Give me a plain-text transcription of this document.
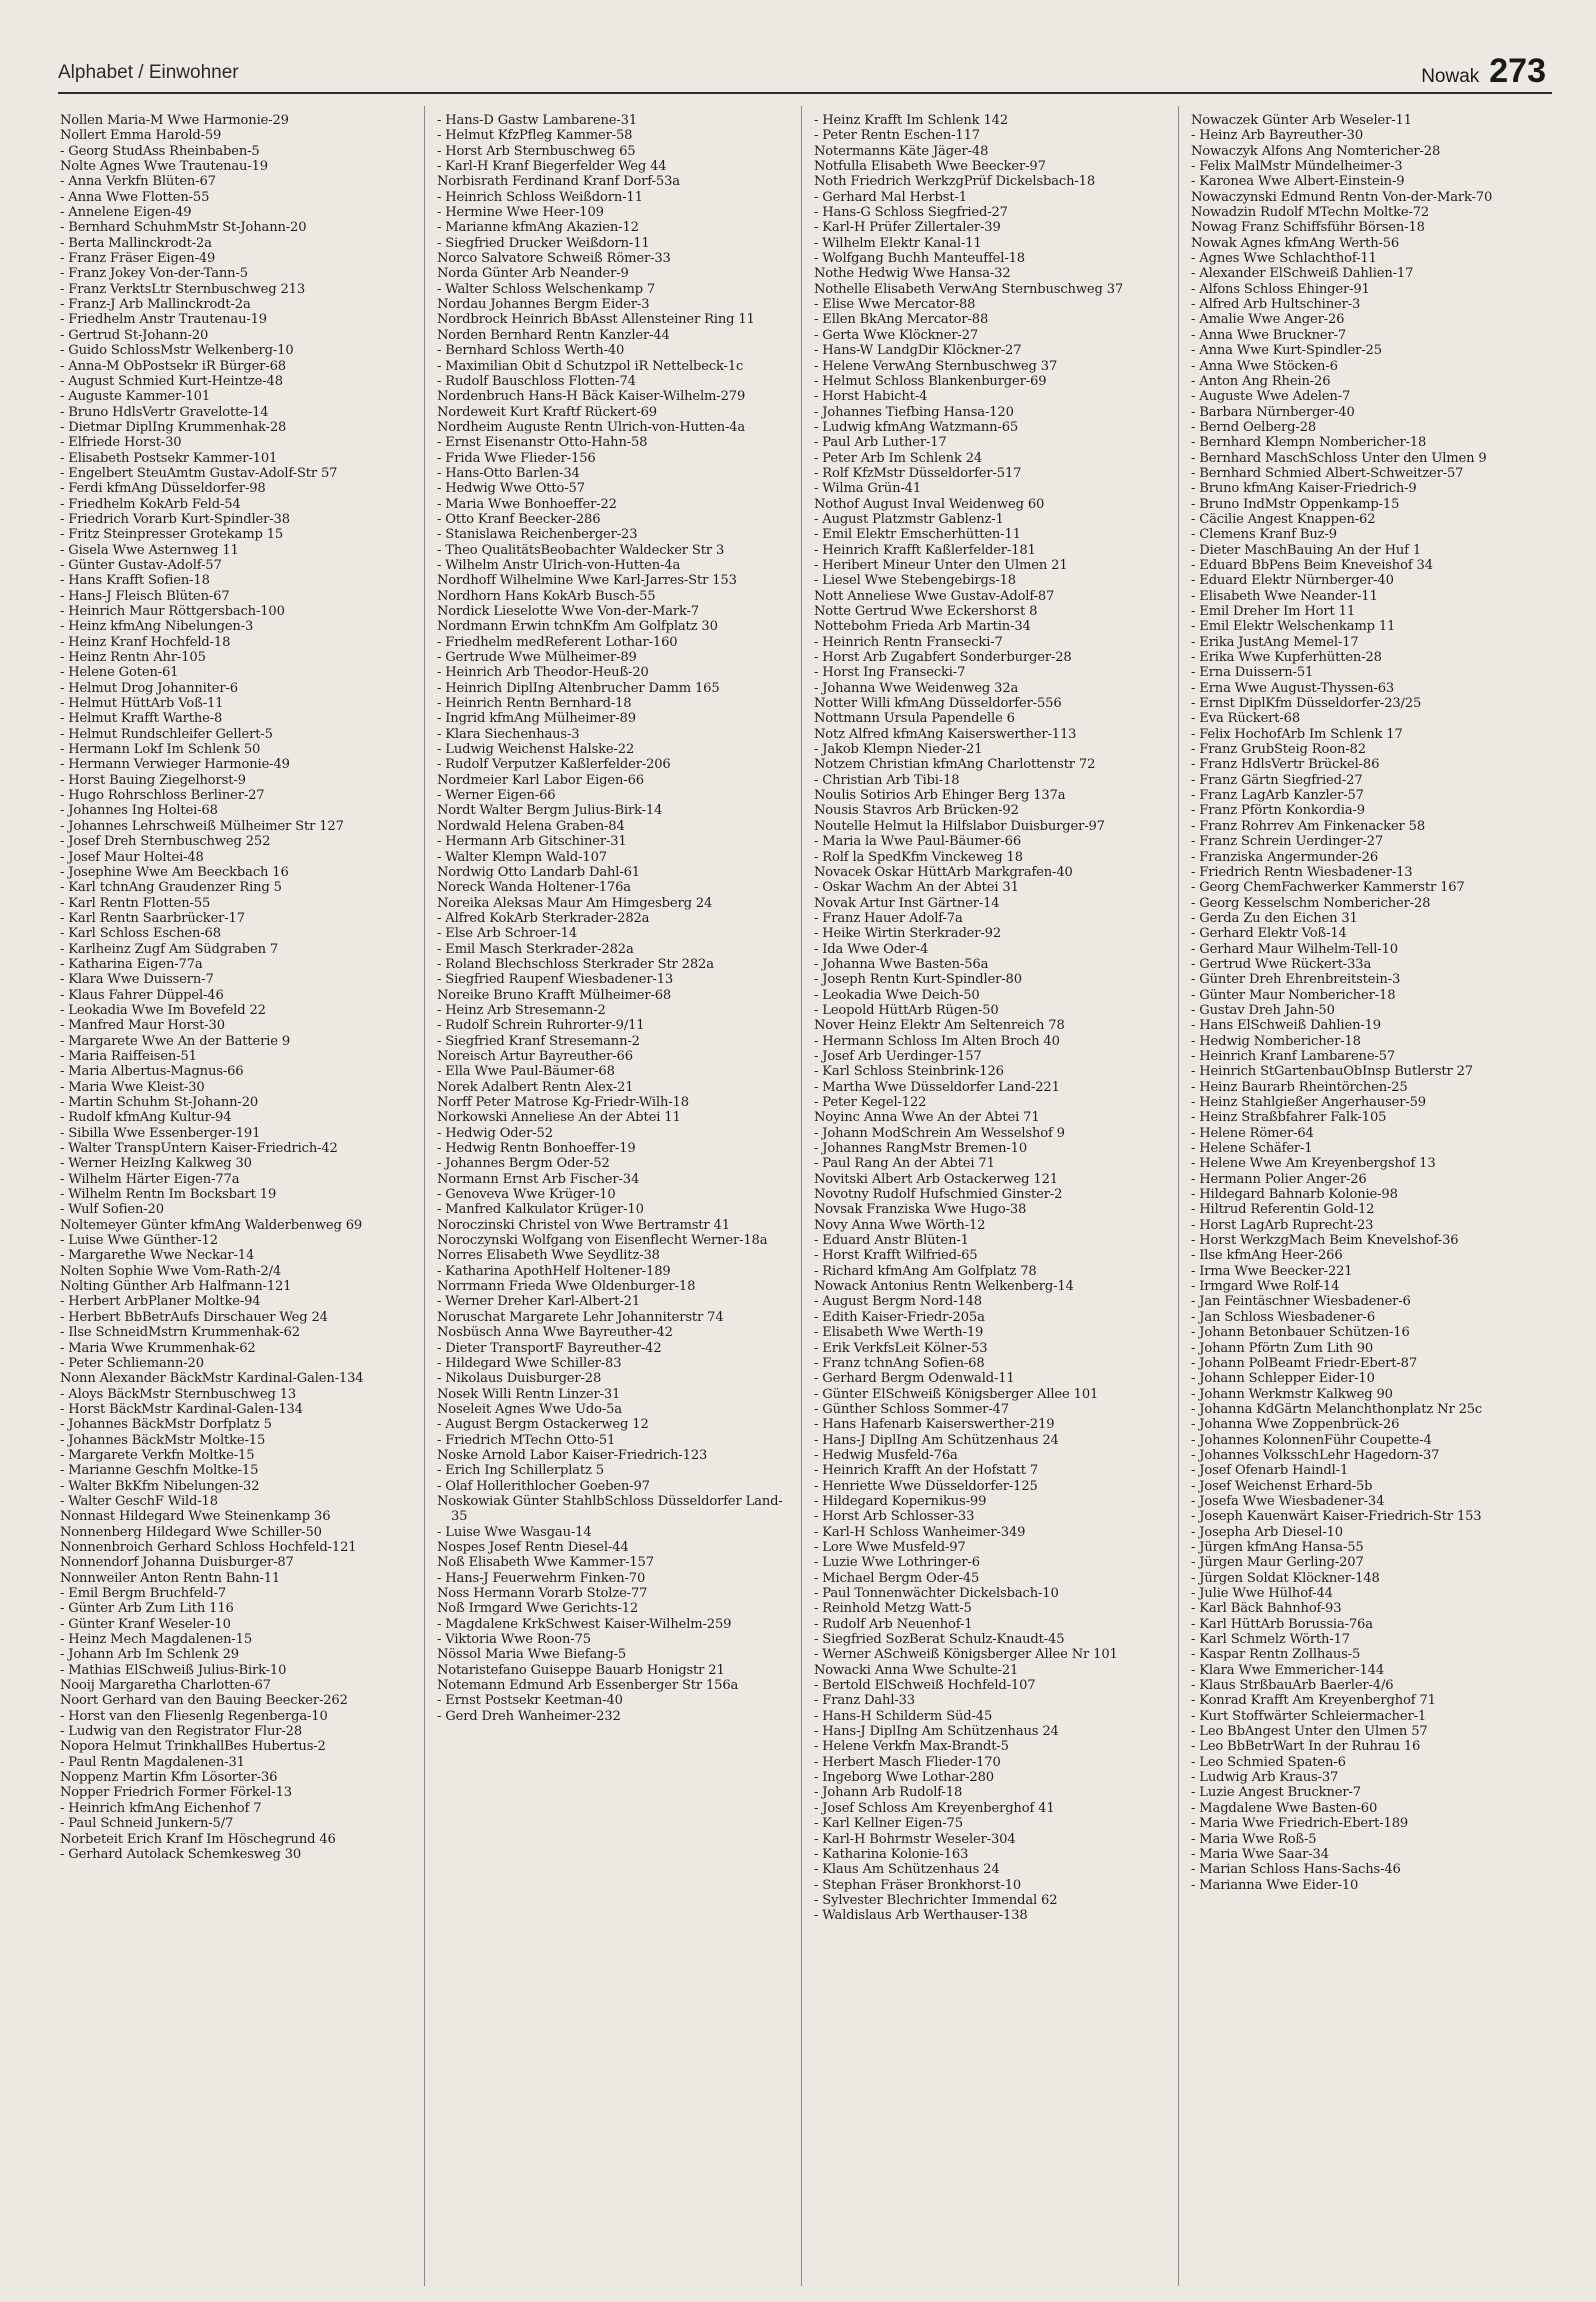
Alphabet / Einwohner	Nowak 273

Nollen Maria-M Wwe Harmonie-29

Nollert Emma Harold-59

- Georg StudAss Rheinbaben-5

Nolte Agnes Wwe Trautenau-19

- Anna Verkfn Blüten-67

- Anna Wwe Flotten-55

- Annelene Eigen-49

- Bernhard SchuhmMstr St-Johann-20

- Berta Mallinckrodt-2a

- Franz Fräser Eigen-49

- Franz Jokey Von-der-Tann-5

- Franz VerktsLtr Sternbuschweg 213

- Franz-J Arb Mallinckrodt-2a

- Friedhelm Anstr Trautenau-19

- Gertrud St-Johann-20

- Guido SchlossMstr Welkenberg-10

- Anna-M ObPostsekr iR Bürger-68

- August Schmied Kurt-Heintze-48

- Auguste Kammer-101

- Bruno HdlsVertr Gravelotte-14

- Dietmar DiplIng Krummenhak-28

- Elfriede Horst-30

- Elisabeth Postsekr Kammer-101

- Engelbert SteuAmtm Gustav-Adolf-Str 57

- Ferdi kfmAng Düsseldorfer-98

- Friedhelm KokArb Feld-54

- Friedrich Vorarb Kurt-Spindler-38

- Fritz Steinpresser Grotekamp 15

- Gisela Wwe Asternweg 11

- Günter Gustav-Adolf-57

- Hans Krafft Sofien-18

- Hans-J Fleisch Blüten-67

- Heinrich Maur Röttgersbach-100

- Heinz kfmAng Nibelungen-3

- Heinz Kranf Hochfeld-18

- Heinz Rentn Ahr-105

- Helene Goten-61

- Helmut Drog Johanniter-6

- Helmut HüttArb Voß-11

- Helmut Krafft Warthe-8

- Helmut Rundschleifer Gellert-5

- Hermann Lokf Im Schlenk 50

- Hermann Verwieger Harmonie-49

- Horst Bauing Ziegelhorst-9

- Hugo Rohrschloss Berliner-27

- Johannes Ing Holtei-68

- Johannes Lehrschweiß Mülheimer Str 127

- Josef Dreh Sternbuschweg 252

- Josef Maur Holtei-48

- Josephine Wwe Am Beeckbach 16

- Karl tchnAng Graudenzer Ring 5

- Karl Rentn Flotten-55

- Karl Rentn Saarbrücker-17

- Karl Schloss Eschen-68

- Karlheinz Zugf Am Südgraben 7

- Katharina Eigen-77a

- Klara Wwe Duissern-7

- Klaus Fahrer Düppel-46

- Leokadia Wwe Im Bovefeld 22

- Manfred Maur Horst-30

- Margarete Wwe An der Batterie 9

- Maria Raiffeisen-51

- Maria Albertus-Magnus-66

- Maria Wwe Kleist-30

- Martin Schuhm St-Johann-20

- Rudolf kfmAng Kultur-94

- Sibilla Wwe Essenberger-191

- Walter TranspUntern Kaiser-Friedrich-42

- Werner HeizIng Kalkweg 30

- Wilhelm Härter Eigen-77a

- Wilhelm Rentn Im Bocksbart 19

- Wulf Sofien-20

Noltemeyer Günter kfmAng Walderbenweg 69

- Luise Wwe Günther-12

- Margarethe Wwe Neckar-14

Nolten Sophie Wwe Vom-Rath-2/4

Nolting Günther Arb Halfmann-121

- Herbert ArbPlaner Moltke-94

- Herbert BbBetrAufs Dirschauer Weg 24

- Ilse SchneidMstrn Krummenhak-62

- Maria Wwe Krummenhak-62

- Peter Schliemann-20

Nonn Alexander BäckMstr Kardinal-Galen-134

- Aloys BäckMstr Sternbuschweg 13

- Horst BäckMstr Kardinal-Galen-134

- Johannes BäckMstr Dorfplatz 5

- Johannes BäckMstr Moltke-15

- Margarete Verkfn Moltke-15

- Marianne Geschfn Moltke-15

- Walter BkKfm Nibelungen-32

- Walter GeschF Wild-18

Nonnast Hildegard Wwe Steinenkamp 36

Nonnenberg Hildegard Wwe Schiller-50

Nonnenbroich Gerhard Schloss Hochfeld-121

Nonnendorf Johanna Duisburger-87

Nonnweiler Anton Rentn Bahn-11

- Emil Bergm Bruchfeld-7

- Günter Arb Zum Lith 116

- Günter Kranf Weseler-10

- Heinz Mech Magdalenen-15

- Johann Arb Im Schlenk 29

- Mathias ElSchweiß Julius-Birk-10

Nooij Margaretha Charlotten-67

Noort Gerhard van den Bauing Beecker-262

- Horst van den Fliesenlg Regenberga-10

- Ludwig van den Registrator Flur-28

Nopora Helmut TrinkhallBes Hubertus-2

- Paul Rentn Magdalenen-31

Noppenz Martin Kfm Lösorter-36

Nopper Friedrich Former Förkel-13

- Heinrich kfmAng Eichenhof 7

- Paul Schneid Junkern-5/7

Norbeteit Erich Kranf Im Höschegrund 46

- Gerhard Autolack Schemkesweg 30

- Hans-D Gastw Lambarene-31

- Helmut KfzPfleg Kammer-58

- Horst Arb Sternbuschweg 65

- Karl-H Kranf Biegerfelder Weg 44

Norbisrath Ferdinand Kranf Dorf-53a

- Heinrich Schloss Weißdorn-11

- Hermine Wwe Heer-109

- Marianne kfmAng Akazien-12

- Siegfried Drucker Weißdorn-11

Norco Salvatore Schweiß Römer-33

Norda Günter Arb Neander-9

- Walter Schloss Welschenkamp 7

Nordau Johannes Bergm Eider-3

Nordbrock Heinrich BbAsst Allensteiner Ring 11

Norden Bernhard Rentn Kanzler-44

- Bernhard Schloss Werth-40

- Maximilian Obit d Schutzpol iR Nettelbeck-1c

- Rudolf Bauschloss Flotten-74

Nordenbruch Hans-H Bäck Kaiser-Wilhelm-279

Nordeweit Kurt Kraftf Rückert-69

Nordheim Auguste Rentn Ulrich-von-Hutten-4a

- Ernst Eisenanstr Otto-Hahn-58

- Frida Wwe Flieder-156

- Hans-Otto Barlen-34

- Hedwig Wwe Otto-57

- Maria Wwe Bonhoeffer-22

- Otto Kranf Beecker-286

- Stanislawa Reichenberger-23

- Theo QualitätsBeobachter Waldecker Str 3

- Wilhelm Anstr Ulrich-von-Hutten-4a

Nordhoff Wilhelmine Wwe Karl-Jarres-Str 153

Nordhorn Hans KokArb Busch-55

Nordick Lieselotte Wwe Von-der-Mark-7

Nordmann Erwin tchnKfm Am Golfplatz 30

- Friedhelm medReferent Lothar-160

- Gertrude Wwe Mülheimer-89

- Heinrich Arb Theodor-Heuß-20

- Heinrich DiplIng Altenbrucher Damm 165

- Heinrich Rentn Bernhard-18

- Ingrid kfmAng Mülheimer-89

- Klara Siechenhaus-3

- Ludwig Weichenst Halske-22

- Rudolf Verputzer Kaßlerfelder-206

Nordmeier Karl Labor Eigen-66

- Werner Eigen-66

Nordt Walter Bergm Julius-Birk-14

Nordwald Helena Graben-84

- Hermann Arb Gitschiner-31

- Walter Klempn Wald-107

Nordwig Otto Landarb Dahl-61

Noreck Wanda Holtener-176a

Noreika Aleksas Maur Am Himgesberg 24

- Alfred KokArb Sterkrader-282a

- Else Arb Schroer-14

- Emil Masch Sterkrader-282a

- Roland Blechschloss Sterkrader Str 282a

- Siegfried Raupenf Wiesbadener-13

Noreike Bruno Krafft Mülheimer-68

- Heinz Arb Stresemann-2

- Rudolf Schrein Ruhrorter-9/11

- Siegfried Kranf Stresemann-2

Noreisch Artur Bayreuther-66

- Ella Wwe Paul-Bäumer-68

Norek Adalbert Rentn Alex-21

Norff Peter Matrose Kg-Friedr-Wilh-18

Norkowski Anneliese An der Abtei 11

- Hedwig Oder-52

- Hedwig Rentn Bonhoeffer-19

- Johannes Bergm Oder-52

Normann Ernst Arb Fischer-34

- Genoveva Wwe Krüger-10

- Manfred Kalkulator Krüger-10

Noroczinski Christel von Wwe Bertramstr 41

Noroczynski Wolfgang von Eisenflecht Werner-18a

Norres Elisabeth Wwe Seydlitz-38

- Katharina ApothHelf Holtener-189

Norrmann Frieda Wwe Oldenburger-18

- Werner Dreher Karl-Albert-21

Noruschat Margarete Lehr Johanniterstr 74

Nosbüsch Anna Wwe Bayreuther-42

- Dieter TransportF Bayreuther-42

- Hildegard Wwe Schiller-83

- Nikolaus Duisburger-28

Nosek Willi Rentn Linzer-31

Noseleit Agnes Wwe Udo-5a

- August Bergm Ostackerweg 12

- Friedrich MTechn Otto-51

Noske Arnold Labor Kaiser-Friedrich-123

- Erich Ing Schillerplatz 5

- Olaf Hollerithlocher Goeben-97

Noskowiak Günter StahlbSchloss Düsseldorfer Land-35

- Luise Wwe Wasgau-14

Nospes Josef Rentn Diesel-44

Noß Elisabeth Wwe Kammer-157

- Hans-J Feuerwehrm Finken-70

Noss Hermann Vorarb Stolze-77

Noß Irmgard Wwe Gerichts-12

- Magdalene KrkSchwest Kaiser-Wilhelm-259

- Viktoria Wwe Roon-75

Nössol Maria Wwe Biefang-5

Notaristefano Guiseppe Bauarb Honigstr 21

Notemann Edmund Arb Essenberger Str 156a

- Ernst Postsekr Keetman-40

- Gerd Dreh Wanheimer-232

- Heinz Krafft Im Schlenk 142

- Peter Rentn Eschen-117

Notermanns Käte Jäger-48

Notfulla Elisabeth Wwe Beecker-97

Noth Friedrich WerkzgPrüf Dickelsbach-18

- Gerhard Mal Herbst-1

- Hans-G Schloss Siegfried-27

- Karl-H Prüfer Zillertaler-39

- Wilhelm Elektr Kanal-11

- Wolfgang Buchh Manteuffel-18

Nothe Hedwig Wwe Hansa-32

Nothelle Elisabeth VerwAng Sternbuschweg 37

- Elise Wwe Mercator-88

- Ellen BkAng Mercator-88

- Gerta Wwe Klöckner-27

- Hans-W LandgDir Klöckner-27

- Helene VerwAng Sternbuschweg 37

- Helmut Schloss Blankenburger-69

- Horst Habicht-4

- Johannes Tiefbing Hansa-120

- Ludwig kfmAng Watzmann-65

- Paul Arb Luther-17

- Peter Arb Im Schlenk 24

- Rolf KfzMstr Düsseldorfer-517

- Wilma Grün-41

Nothof August Inval Weidenweg 60

- August Platzmstr Gablenz-1

- Emil Elektr Emscherhütten-11

- Heinrich Krafft Kaßlerfelder-181

- Heribert Mineur Unter den Ulmen 21

- Liesel Wwe Stebengebirgs-18

Nott Anneliese Wwe Gustav-Adolf-87

Notte Gertrud Wwe Eckershorst 8

Nottebohm Frieda Arb Martin-34

- Heinrich Rentn Fransecki-7

- Horst Arb Zugabfert Sonderburger-28

- Horst Ing Fransecki-7

- Johanna Wwe Weidenweg 32a

Notter Willi kfmAng Düsseldorfer-556

Nottmann Ursula Papendelle 6

Notz Alfred kfmAng Kaiserswerther-113

- Jakob Klempn Nieder-21

Notzem Christian kfmAng Charlottenstr 72

- Christian Arb Tibi-18

Noulis Sotirios Arb Ehinger Berg 137a

Nousis Stavros Arb Brücken-92

Noutelle Helmut la Hilfslabor Duisburger-97

- Maria la Wwe Paul-Bäumer-66

- Rolf la SpedKfm Vinckeweg 18

Novacek Oskar HüttArb Markgrafen-40

- Oskar Wachm An der Abtei 31

Novak Artur Inst Gärtner-14

- Franz Hauer Adolf-7a

- Heike Wirtin Sterkrader-92

- Ida Wwe Oder-4

- Johanna Wwe Basten-56a

- Joseph Rentn Kurt-Spindler-80

- Leokadia Wwe Deich-50

- Leopold HüttArb Rügen-50

Nover Heinz Elektr Am Seltenreich 78

- Hermann Schloss Im Alten Broch 40

- Josef Arb Uerdinger-157

- Karl Schloss Steinbrink-126

- Martha Wwe Düsseldorfer Land-221

- Peter Kegel-122

Noyinc Anna Wwe An der Abtei 71

- Johann ModSchrein Am Wesselshof 9

- Johannes RangMstr Bremen-10

- Paul Rang An der Abtei 71

Novitski Albert Arb Ostackerweg 121

Novotny Rudolf Hufschmied Ginster-2

Novsak Franziska Wwe Hugo-38

Novy Anna Wwe Wörth-12

- Eduard Anstr Blüten-1

- Horst Krafft Wilfried-65

- Richard kfmAng Am Golfplatz 78

Nowack Antonius Rentn Welkenberg-14

- August Bergm Nord-148

- Edith Kaiser-Friedr-205a

- Elisabeth Wwe Werth-19

- Erik VerkfsLeit Kölner-53

- Franz tchnAng Sofien-68

- Gerhard Bergm Odenwald-11

- Günter ElSchweiß Königsberger Allee 101

- Günther Schloss Sommer-47

- Hans Hafenarb Kaiserswerther-219

- Hans-J DiplIng Am Schützenhaus 24

- Hedwig Musfeld-76a

- Heinrich Krafft An der Hofstatt 7

- Henriette Wwe Düsseldorfer-125

- Hildegard Kopernikus-99

- Horst Arb Schlosser-33

- Karl-H Schloss Wanheimer-349

- Lore Wwe Musfeld-97

- Luzie Wwe Lothringer-6

- Michael Bergm Oder-45

- Paul Tonnenwächter Dickelsbach-10

- Reinhold Metzg Watt-5

- Rudolf Arb Neuenhof-1

- Siegfried SozBerat Schulz-Knaudt-45

- Werner ASchweiß Königsberger Allee Nr 101

Nowacki Anna Wwe Schulte-21

- Bertold ElSchweiß Hochfeld-107

- Franz Dahl-33

- Hans-H Schilderm Süd-45

- Hans-J DiplIng Am Schützenhaus 24

- Helene Verkfn Max-Brandt-5

- Herbert Masch Flieder-170

- Ingeborg Wwe Lothar-280

- Johann Arb Rudolf-18

- Josef Schloss Am Kreyenberghof 41

- Karl Kellner Eigen-75

- Karl-H Bohrmstr Weseler-304

- Katharina Kolonie-163

- Klaus Am Schützenhaus 24

- Stephan Fräser Bronkhorst-10

- Sylvester Blechrichter Immendal 62

- Waldislaus Arb Werthauser-138

Nowaczek Günter Arb Weseler-11

- Heinz Arb Bayreuther-30

Nowaczyk Alfons Ang Nomtericher-28

- Felix MalMstr Mündelheimer-3

- Karonea Wwe Albert-Einstein-9

Nowaczynski Edmund Rentn Von-der-Mark-70

Nowadzin Rudolf MTechn Moltke-72

Nowag Franz Schiffsführ Börsen-18

Nowak Agnes kfmAng Werth-56

- Agnes Wwe Schlachthof-11

- Alexander ElSchweiß Dahlien-17

- Alfons Schloss Ehinger-91

- Alfred Arb Hultschiner-3

- Amalie Wwe Anger-26

- Anna Wwe Bruckner-7

- Anna Wwe Kurt-Spindler-25

- Anna Wwe Stöcken-6

- Anton Ang Rhein-26

- Auguste Wwe Adelen-7

- Barbara Nürnberger-40

- Bernd Oelberg-28

- Bernhard Klempn Nombericher-18

- Bernhard MaschSchloss Unter den Ulmen 9

- Bernhard Schmied Albert-Schweitzer-57

- Bruno kfmAng Kaiser-Friedrich-9

- Bruno IndMstr Oppenkamp-15

- Cäcilie Angest Knappen-62

- Clemens Kranf Buz-9

- Dieter MaschBauing An der Huf 1

- Eduard BbPens Beim Kneveishof 34

- Eduard Elektr Nürnberger-40

- Elisabeth Wwe Neander-11

- Emil Dreher Im Hort 11

- Emil Elektr Welschenkamp 11

- Erika JustAng Memel-17

- Erika Wwe Kupferhütten-28

- Erna Duissern-51

- Erna Wwe August-Thyssen-63

- Ernst DiplKfm Düsseldorfer-23/25

- Eva Rückert-68

- Felix HochofArb Im Schlenk 17

- Franz GrubSteig Roon-82

- Franz HdlsVertr Brückel-86

- Franz Gärtn Siegfried-27

- Franz LagArb Kanzler-57

- Franz Pförtn Konkordia-9

- Franz Rohrrev Am Finkenacker 58

- Franz Schrein Uerdinger-27

- Franziska Angermunder-26

- Friedrich Rentn Wiesbadener-13

- Georg ChemFachwerker Kammerstr 167

- Georg Kesselschm Nombericher-28

- Gerda Zu den Eichen 31

- Gerhard Elektr Voß-14

- Gerhard Maur Wilhelm-Tell-10

- Gertrud Wwe Rückert-33a

- Günter Dreh Ehrenbreitstein-3

- Günter Maur Nombericher-18

- Gustav Dreh Jahn-50

- Hans ElSchweiß Dahlien-19

- Hedwig Nombericher-18

- Heinrich Kranf Lambarene-57

- Heinrich StGartenbauObInsp Butlerstr 27

- Heinz Baurarb Rheintörchen-25

- Heinz Stahlgießer Angerhauser-59

- Heinz Straßbfahrer Falk-105

- Helene Römer-64

- Helene Schäfer-1

- Helene Wwe Am Kreyenbergshof 13

- Hermann Polier Anger-26

- Hildegard Bahnarb Kolonie-98

- Hiltrud Referentin Gold-12

- Horst LagArb Ruprecht-23

- Horst WerkzgMach Beim Knevelshof-36

- Ilse kfmAng Heer-266

- Irma Wwe Beecker-221

- Irmgard Wwe Rolf-14

- Jan Feintäschner Wiesbadener-6

- Jan Schloss Wiesbadener-6

- Johann Betonbauer Schützen-16

- Johann Pförtn Zum Lith 90

- Johann PolBeamt Friedr-Ebert-87

- Johann Schlepper Eider-10

- Johann Werkmstr Kalkweg 90

- Johanna KdGärtn Melanchthonplatz Nr 25c

- Johanna Wwe Zoppenbrück-26

- Johannes KolonnenFühr Coupette-4

- Johannes VolksschLehr Hagedorn-37

- Josef Ofenarb Haindl-1

- Josef Weichenst Erhard-5b

- Josefa Wwe Wiesbadener-34

- Joseph Kauenwärt Kaiser-Friedrich-Str 153

- Josepha Arb Diesel-10

- Jürgen kfmAng Hansa-55

- Jürgen Maur Gerling-207

- Jürgen Soldat Klöckner-148

- Julie Wwe Hülhof-44

- Karl Bäck Bahnhof-93

- Karl HüttArb Borussia-76a

- Karl Schmelz Wörth-17

- Kaspar Rentn Zollhaus-5

- Klara Wwe Emmericher-144

- Klaus StrßbauArb Baerler-4/6

- Konrad Krafft Am Kreyenberghof 71

- Kurt Stoffwärter Schleiermacher-1

- Leo BbAngest Unter den Ulmen 57

- Leo BbBetrWart In der Ruhrau 16

- Leo Schmied Spaten-6

- Ludwig Arb Kraus-37

- Luzie Angest Bruckner-7

- Magdalene Wwe Basten-60

- Maria Wwe Friedrich-Ebert-189

- Maria Wwe Roß-5

- Maria Wwe Saar-34

- Marian Schloss Hans-Sachs-46

- Marianna Wwe Eider-10
